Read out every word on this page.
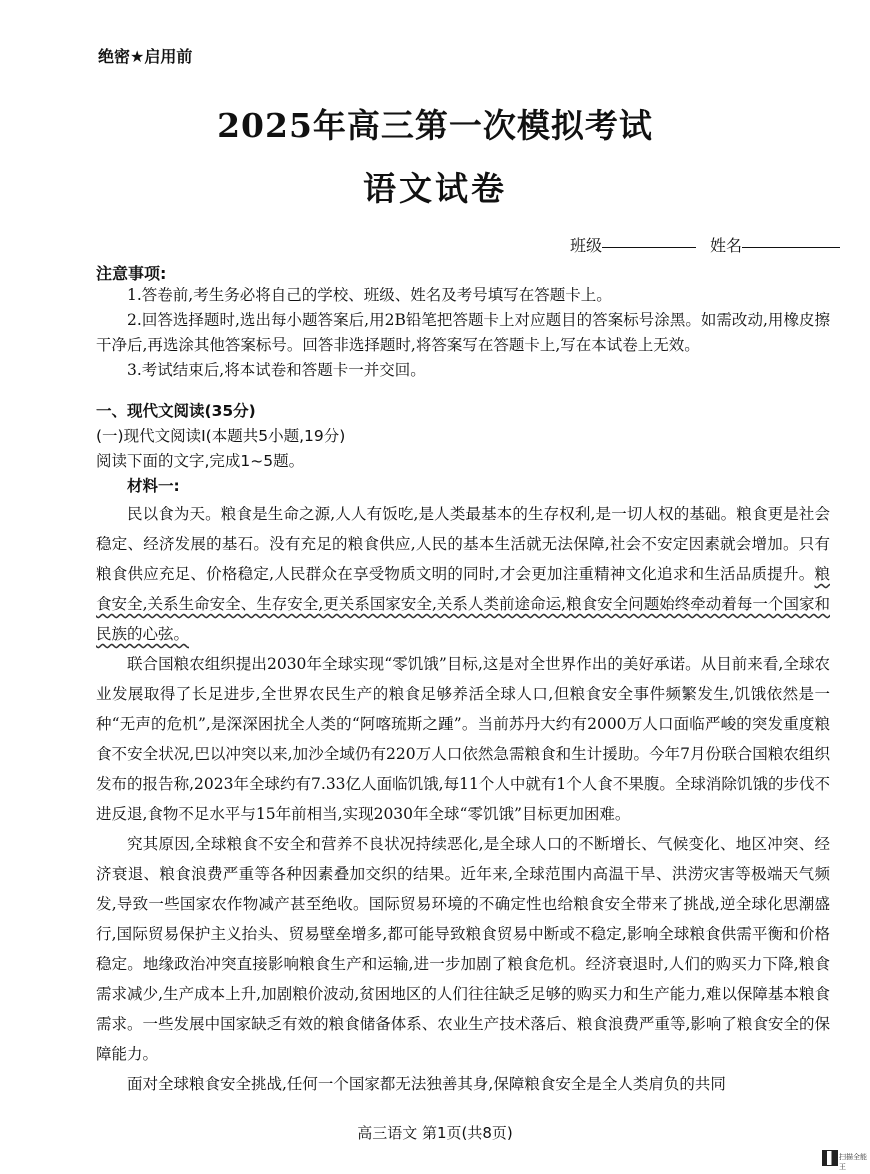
绝密★启用前
2025年高三第一次模拟考试
语文试卷
班级	姓名
注意事项:

1.答卷前,考生务必将自己的学校、班级、姓名及考号填写在答题卡上。

2.回答选择题时,选出每小题答案后,用2B铅笔把答题卡上对应题目的答案标号涂黑。如需改动,用橡皮擦干净后,再选涂其他答案标号。回答非选择题时,将答案写在答题卡上,写在本试卷上无效。

3.考试结束后,将本试卷和答题卡一并交回。

一、现代文阅读(35分)

(一)现代文阅读Ⅰ(本题共5小题,19分)

阅读下面的文字,完成1~5题。

材料一:

民以食为天。粮食是生命之源,人人有饭吃,是人类最基本的生存权利,是一切人权的基础。粮食更是社会稳定、经济发展的基石。没有充足的粮食供应,人民的基本生活就无法保障,社会不安定因素就会增加。只有粮食供应充足、价格稳定,人民群众在享受物质文明的同时,才会更加注重精神文化追求和生活品质提升。粮食安全,关系生命安全、生存安全,更关系国家安全,关系人类前途命运,粮食安全问题始终牵动着每一个国家和民族的心弦。

联合国粮农组织提出2030年全球实现“零饥饿”目标,这是对全世界作出的美好承诺。从目前来看,全球农业发展取得了长足进步,全世界农民生产的粮食足够养活全球人口,但粮食安全事件频繁发生,饥饿依然是一种“无声的危机”,是深深困扰全人类的“阿喀琉斯之踵”。当前苏丹大约有2000万人口面临严峻的突发重度粮食不安全状况,巴以冲突以来,加沙全域仍有220万人口依然急需粮食和生计援助。今年7月份联合国粮农组织发布的报告称,2023年全球约有7.33亿人面临饥饿,每11个人中就有1个人食不果腹。全球消除饥饿的步伐不进反退,食物不足水平与15年前相当,实现2030年全球“零饥饿”目标更加困难。

究其原因,全球粮食不安全和营养不良状况持续恶化,是全球人口的不断增长、气候变化、地区冲突、经济衰退、粮食浪费严重等各种因素叠加交织的结果。近年来,全球范围内高温干旱、洪涝灾害等极端天气频发,导致一些国家农作物减产甚至绝收。国际贸易环境的不确定性也给粮食安全带来了挑战,逆全球化思潮盛行,国际贸易保护主义抬头、贸易壁垒增多,都可能导致粮食贸易中断或不稳定,影响全球粮食供需平衡和价格稳定。地缘政治冲突直接影响粮食生产和运输,进一步加剧了粮食危机。经济衰退时,人们的购买力下降,粮食需求减少,生产成本上升,加剧粮价波动,贫困地区的人们往往缺乏足够的购买力和生产能力,难以保障基本粮食需求。一些发展中国家缺乏有效的粮食储备体系、农业生产技术落后、粮食浪费严重等,影响了粮食安全的保障能力。

面对全球粮食安全挑战,任何一个国家都无法独善其身,保障粮食安全是全人类肩负的共同

高三语文 第1页(共8页)
扫描全能王
